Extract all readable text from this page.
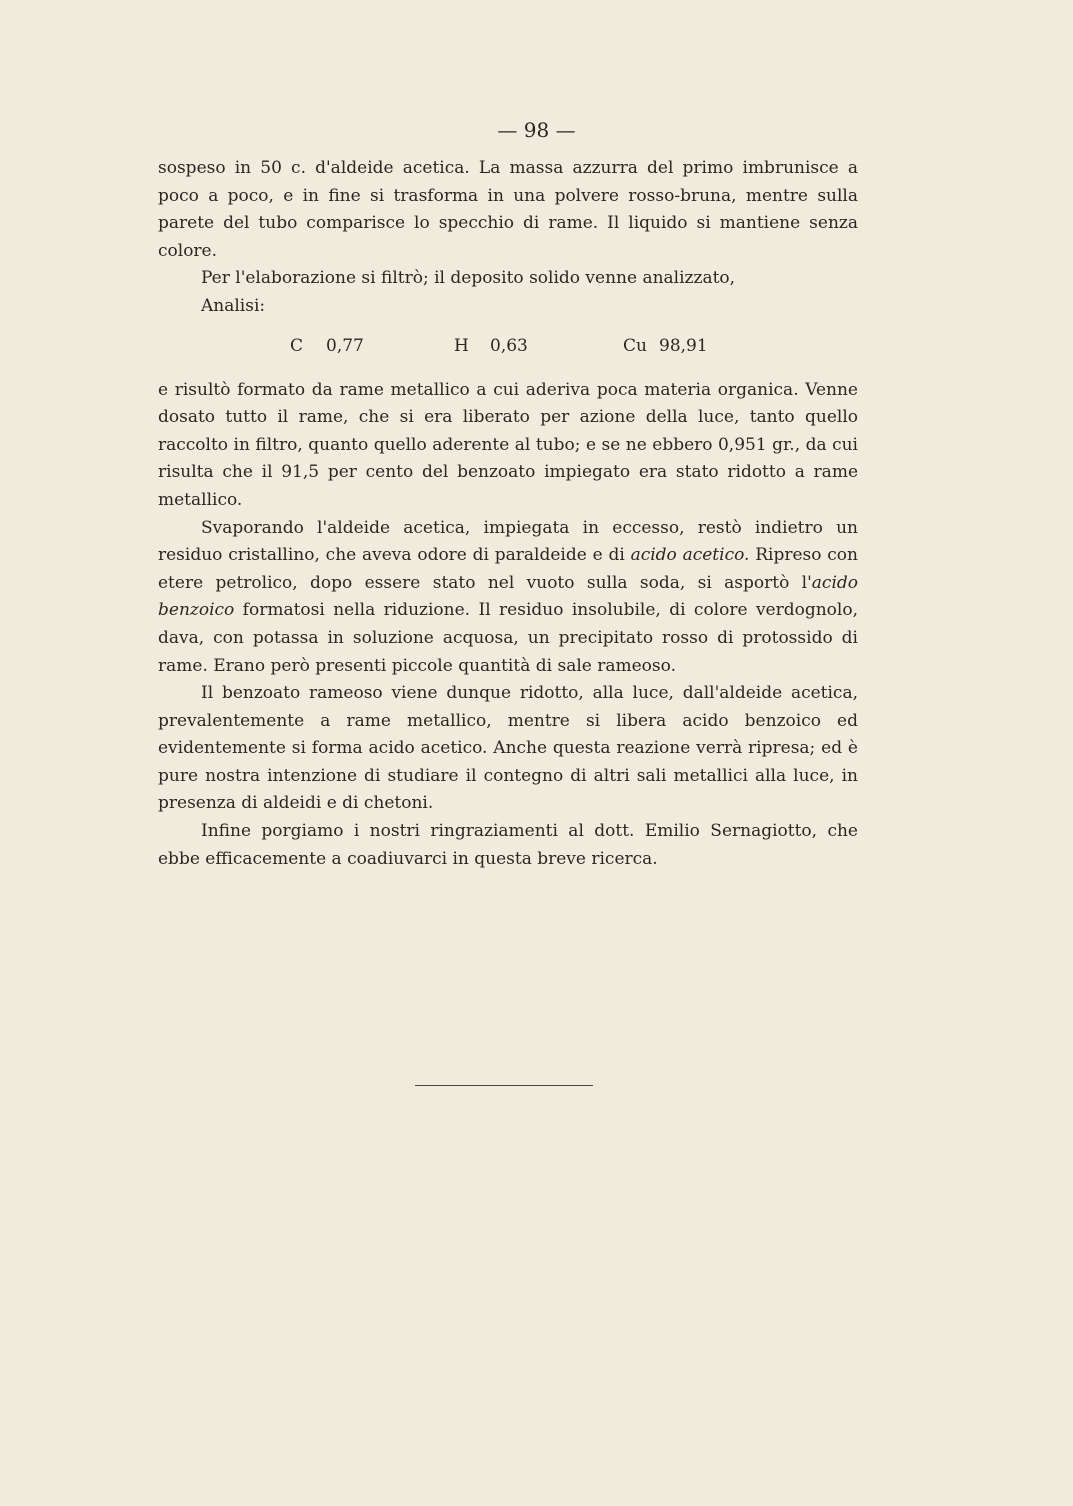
— 98 —

sospeso in 50 c. d'aldeide acetica. La massa azzurra del primo imbrunisce a poco a poco, e in fine si trasforma in una polvere rosso-bruna, mentre sulla parete del tubo comparisce lo specchio di rame. Il liquido si mantiene senza colore.

Per l'elaborazione si filtrò; il deposito solido venne analizzato,

Analisi:

C 0,77	H 0,63	Cu 98,91

e risultò formato da rame metallico a cui aderiva poca materia organica. Venne dosato tutto il rame, che si era liberato per azione della luce, tanto quello raccolto in filtro, quanto quello aderente al tubo; e se ne ebbero 0,951 gr., da cui risulta che il 91,5 per cento del benzoato impiegato era stato ridotto a rame metallico.

Svaporando l'aldeide acetica, impiegata in eccesso, restò indietro un residuo cristallino, che aveva odore di paraldeide e di acido acetico. Ripreso con etere petrolico, dopo essere stato nel vuoto sulla soda, si asportò l'acido benzoico formatosi nella riduzione. Il residuo insolubile, di colore verdognolo, dava, con potassa in soluzione acquosa, un precipitato rosso di protossido di rame. Erano però presenti piccole quantità di sale rameoso.

Il benzoato rameoso viene dunque ridotto, alla luce, dall'aldeide acetica, prevalentemente a rame metallico, mentre si libera acido benzoico ed evidentemente si forma acido acetico. Anche questa reazione verrà ripresa; ed è pure nostra intenzione di studiare il contegno di altri sali metallici alla luce, in presenza di aldeidi e di chetoni.

Infine porgiamo i nostri ringraziamenti al dott. Emilio Sernagiotto, che ebbe efficacemente a coadiuvarci in questa breve ricerca.
